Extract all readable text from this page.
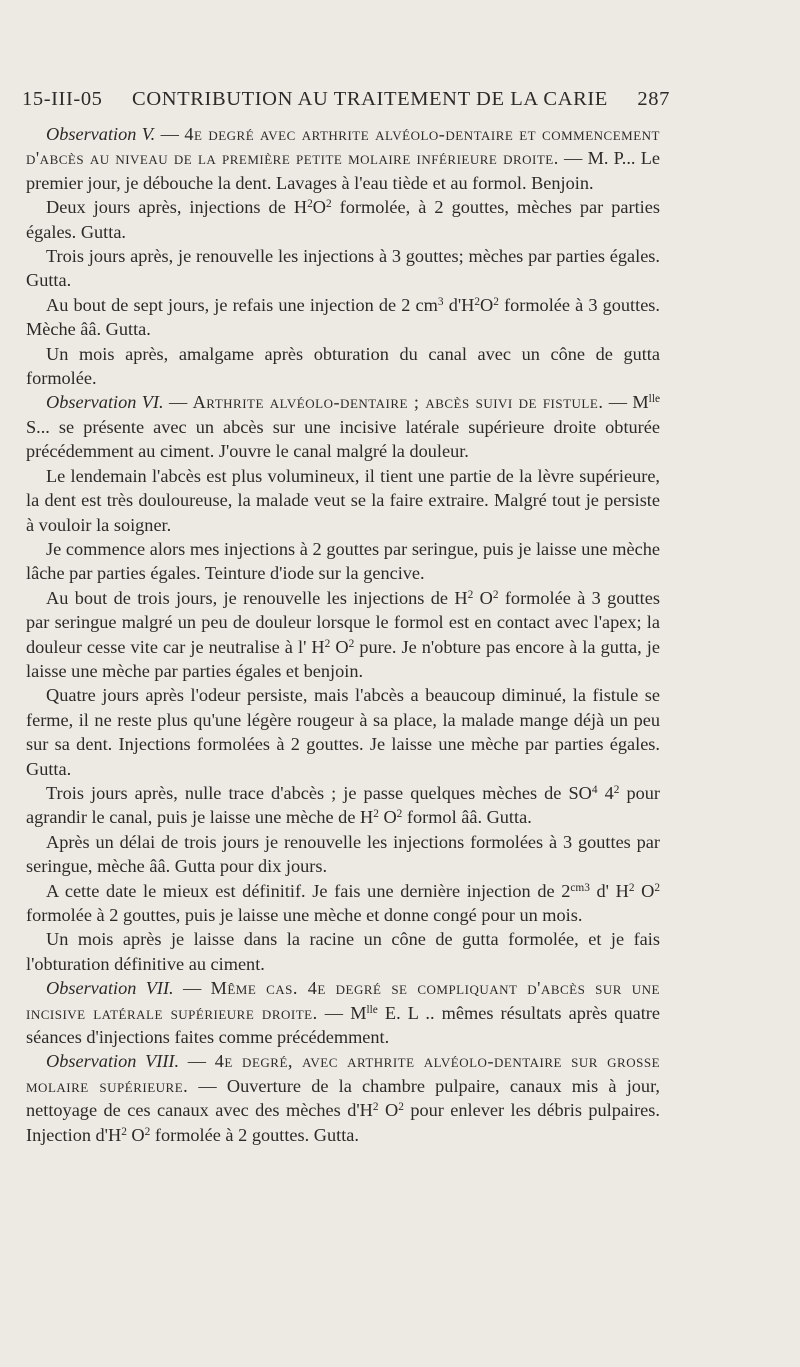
15-III-05 CONTRIBUTION AU TRAITEMENT DE LA CARIE 287

Observation V. — 4e degré avec arthrite alvéolo-dentaire et commencement d'abcès au niveau de la première petite molaire inférieure droite. — M. P... Le premier jour, je débouche la dent. Lavages à l'eau tiède et au formol. Benjoin.

Deux jours après, injections de $H^2O^2$ formolée, à 2 gouttes, mèches par parties égales. Gutta.

Trois jours après, je renouvelle les injections à 3 gouttes; mèches par parties égales. Gutta.

Au bout de sept jours, je refais une injection de 2 $cm^3$ $d'H^2O^2$ formolée à 3 gouttes. Mèche ââ. Gutta.

Un mois après, amalgame après obturation du canal avec un cône de gutta formolée.

Observation VI. — Arthrite alvéolo-dentaire ; abcès suivi de fistule. — $M^{lle}$ S... se présente avec un abcès sur une incisive latérale supérieure droite obturée précédemment au ciment. J'ouvre le canal malgré la douleur.

Le lendemain l'abcès est plus volumineux, il tient une partie de la lèvre supérieure, la dent est très douloureuse, la malade veut se la faire extraire. Malgré tout je persiste à vouloir la soigner.

Je commence alors mes injections à 2 gouttes par seringue, puis je laisse une mèche lâche par parties égales. Teinture d'iode sur la gencive.

Au bout de trois jours, je renouvelle les injections de $H^2$ $O^2$ formolée à 3 gouttes par seringue malgré un peu de douleur lorsque le formol est en contact avec l'apex; la douleur cesse vite car je neutralise à l' $H^2$ $O^2$ pure. Je n'obture pas encore à la gutta, je laisse une mèche par parties égales et benjoin.

Quatre jours après l'odeur persiste, mais l'abcès a beaucoup diminué, la fistule se ferme, il ne reste plus qu'une légère rougeur à sa place, la malade mange déjà un peu sur sa dent. Injections formolées à 2 gouttes. Je laisse une mèche par parties égales. Gutta.

Trois jours après, nulle trace d'abcès ; je passe quelques mèches de $SO^4$ $4^2$ pour agrandir le canal, puis je laisse une mèche de $H^2$ $O^2$ formol ââ. Gutta.

Après un délai de trois jours je renouvelle les injections formolées à 3 gouttes par seringue, mèche ââ. Gutta pour dix jours.

A cette date le mieux est définitif. Je fais une dernière injection de $2^{cm3}$ d' $H^2$ $O^2$ formolée à 2 gouttes, puis je laisse une mèche et donne congé pour un mois.

Un mois après je laisse dans la racine un cône de gutta formolée, et je fais l'obturation définitive au ciment.

Observation VII. — Même cas. 4e degré se compliquant d'abcès sur une incisive latérale supérieure droite. — $M^{lle}$ E. L .. mêmes résultats après quatre séances d'injections faites comme précédemment.

Observation VIII. — 4e degré, avec arthrite alvéolo-dentaire sur grosse molaire supérieure. — Ouverture de la chambre pulpaire, canaux mis à jour, nettoyage de ces canaux avec des mèches $d'H^2$ $O^2$ pour enlever les débris pulpaires. Injection $d'H^2$ $O^2$ formolée à 2 gouttes. Gutta.
